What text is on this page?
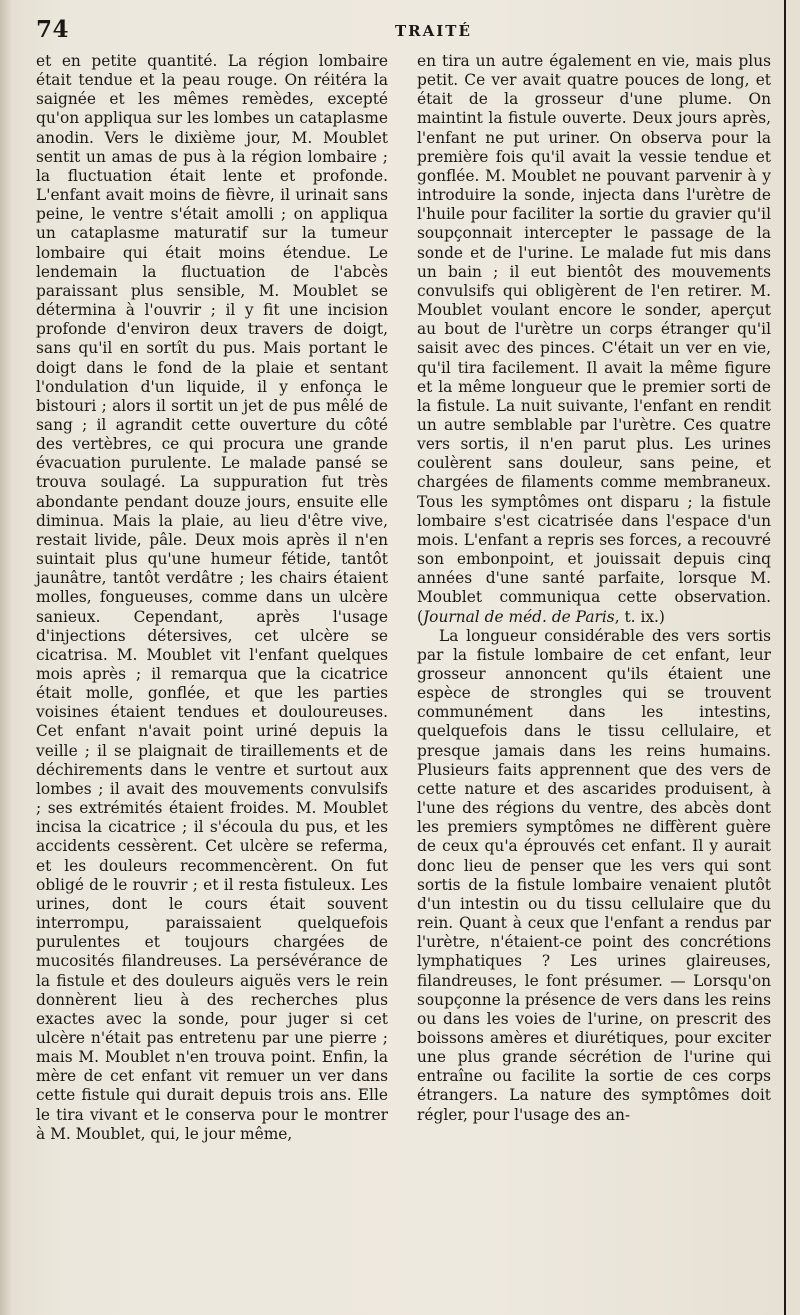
74	TRAITÉ

et en petite quantité. La région lombaire était tendue et la peau rouge. On réitéra la saignée et les mêmes remèdes, excepté qu'on appliqua sur les lombes un cataplasme anodin. Vers le dixième jour, M. Moublet sentit un amas de pus à la région lombaire ; la fluctuation était lente et profonde. L'enfant avait moins de fièvre, il urinait sans peine, le ventre s'était amolli ; on appliqua un cataplasme maturatif sur la tumeur lombaire qui était moins étendue. Le lendemain la fluctuation de l'abcès paraissant plus sensible, M. Moublet se détermina à l'ouvrir ; il y fit une incision profonde d'environ deux travers de doigt, sans qu'il en sortît du pus. Mais portant le doigt dans le fond de la plaie et sentant l'ondulation d'un liquide, il y enfonça le bistouri ; alors il sortit un jet de pus mêlé de sang ; il agrandit cette ouverture du côté des vertèbres, ce qui procura une grande évacuation purulente. Le malade pansé se trouva soulagé. La suppuration fut très abondante pendant douze jours, ensuite elle diminua. Mais la plaie, au lieu d'être vive, restait livide, pâle. Deux mois après il n'en suintait plus qu'une humeur fétide, tantôt jaunâtre, tantôt verdâtre ; les chairs étaient molles, fongueuses, comme dans un ulcère sanieux. Cependant, après l'usage d'injections détersives, cet ulcère se cicatrisa. M. Moublet vit l'enfant quelques mois après ; il remarqua que la cicatrice était molle, gonflée, et que les parties voisines étaient tendues et douloureuses. Cet enfant n'avait point uriné depuis la veille ; il se plaignait de tiraillements et de déchirements dans le ventre et surtout aux lombes ; il avait des mouvements convulsifs ; ses extrémités étaient froides. M. Moublet incisa la cicatrice ; il s'écoula du pus, et les accidents cessèrent. Cet ulcère se referma, et les douleurs recommencèrent. On fut obligé de le rouvrir ; et il resta fistuleux. Les urines, dont le cours était souvent interrompu, paraissaient quelquefois purulentes et toujours chargées de mucosités filandreuses. La persévérance de la fistule et des douleurs aiguës vers le rein donnèrent lieu à des recherches plus exactes avec la sonde, pour juger si cet ulcère n'était pas entretenu par une pierre ; mais M. Moublet n'en trouva point. Enfin, la mère de cet enfant vit remuer un ver dans cette fistule qui durait depuis trois ans. Elle le tira vivant et le conserva pour le montrer à M. Moublet, qui, le jour même,

en tira un autre également en vie, mais plus petit. Ce ver avait quatre pouces de long, et était de la grosseur d'une plume. On maintint la fistule ouverte. Deux jours après, l'enfant ne put uriner. On observa pour la première fois qu'il avait la vessie tendue et gonflée. M. Moublet ne pouvant parvenir à y introduire la sonde, injecta dans l'urètre de l'huile pour faciliter la sortie du gravier qu'il soupçonnait intercepter le passage de la sonde et de l'urine. Le malade fut mis dans un bain ; il eut bientôt des mouvements convulsifs qui obligèrent de l'en retirer. M. Moublet voulant encore le sonder, aperçut au bout de l'urètre un corps étranger qu'il saisit avec des pinces. C'était un ver en vie, qu'il tira facilement. Il avait la même figure et la même longueur que le premier sorti de la fistule. La nuit suivante, l'enfant en rendit un autre semblable par l'urètre. Ces quatre vers sortis, il n'en parut plus. Les urines coulèrent sans douleur, sans peine, et chargées de filaments comme membraneux. Tous les symptômes ont disparu ; la fistule lombaire s'est cicatrisée dans l'espace d'un mois. L'enfant a repris ses forces, a recouvré son embonpoint, et jouissait depuis cinq années d'une santé parfaite, lorsque M. Moublet communiqua cette observation. (Journal de méd. de Paris, t. ix.)

La longueur considérable des vers sortis par la fistule lombaire de cet enfant, leur grosseur annoncent qu'ils étaient une espèce de strongles qui se trouvent communément dans les intestins, quelquefois dans le tissu cellulaire, et presque jamais dans les reins humains. Plusieurs faits apprennent que des vers de cette nature et des ascarides produisent, à l'une des régions du ventre, des abcès dont les premiers symptômes ne diffèrent guère de ceux qu'a éprouvés cet enfant. Il y aurait donc lieu de penser que les vers qui sont sortis de la fistule lombaire venaient plutôt d'un intestin ou du tissu cellulaire que du rein. Quant à ceux que l'enfant a rendus par l'urètre, n'étaient-ce point des concrétions lymphatiques ? Les urines glaireuses, filandreuses, le font présumer. — Lorsqu'on soupçonne la présence de vers dans les reins ou dans les voies de l'urine, on prescrit des boissons amères et diurétiques, pour exciter une plus grande sécrétion de l'urine qui entraîne ou facilite la sortie de ces corps étrangers. La nature des symptômes doit régler, pour l'usage des an-
